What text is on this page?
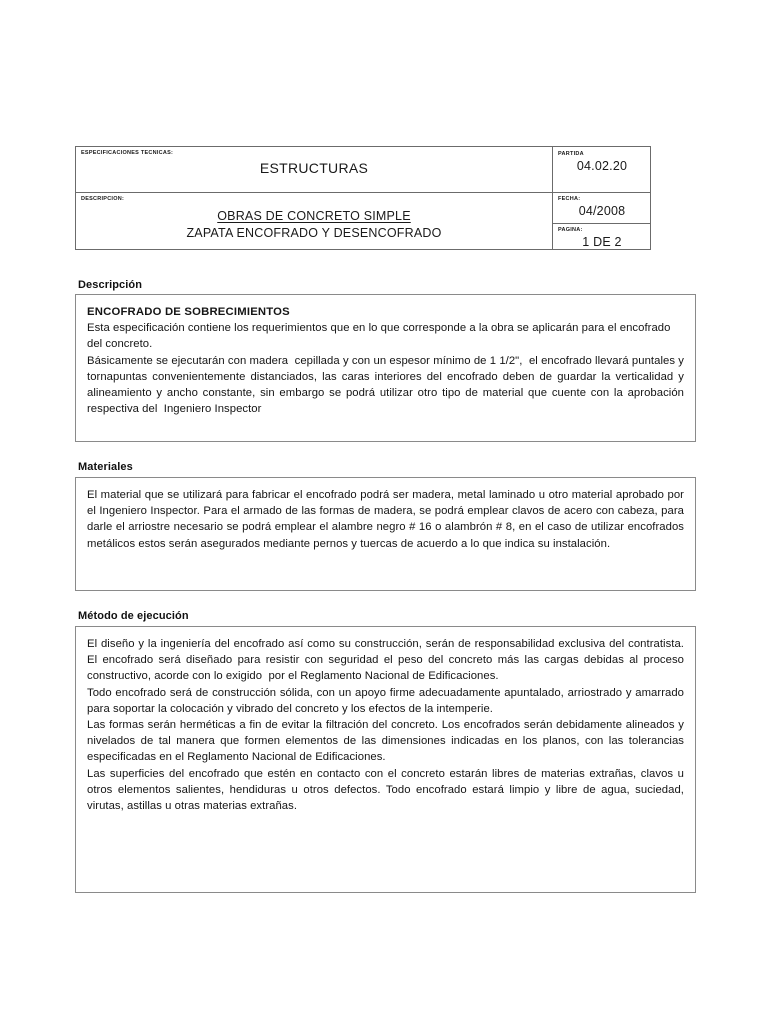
ESPECIFICACIONES TECNICAS:
ESTRUCTURAS
PARTIDA
04.02.20
DESCRIPCION:
OBRAS DE CONCRETO SIMPLE
ZAPATA ENCOFRADO Y DESENCOFRADO
FECHA:
04/2008
PAGINA:
1 DE 2
Descripción
ENCOFRADO DE SOBRECIMIENTOS
Esta especificación contiene los requerimientos que en lo que corresponde a la obra se aplicarán para el encofrado del concreto.
Básicamente se ejecutarán con madera  cepillada y con un espesor mínimo de 1 1/2",  el encofrado llevará puntales y tornapuntas convenientemente distanciados, las caras interiores del encofrado deben de guardar la verticalidad y alineamiento y ancho constante, sin embargo se podrá utilizar otro tipo de material que cuente con la aprobación respectiva del  Ingeniero Inspector
Materiales
El material que se utilizará para fabricar el encofrado podrá ser madera, metal laminado u otro material aprobado por el Ingeniero Inspector. Para el armado de las formas de madera, se podrá emplear clavos de acero con cabeza, para darle el arriostre necesario se podrá emplear el alambre negro # 16 o alambrón # 8, en el caso de utilizar encofrados metálicos estos serán asegurados mediante pernos y tuercas de acuerdo a lo que indica su instalación.
Método de ejecución
El diseño y la ingeniería del encofrado así como su construcción, serán de responsabilidad exclusiva del contratista. El encofrado será diseñado para resistir con seguridad el peso del concreto más las cargas debidas al proceso constructivo, acorde con lo exigido  por el Reglamento Nacional de Edificaciones.
Todo encofrado será de construcción sólida, con un apoyo firme adecuadamente apuntalado, arriostrado y amarrado para soportar la colocación y vibrado del concreto y los efectos de la intemperie.
Las formas serán herméticas a fin de evitar la filtración del concreto. Los encofrados serán debidamente alineados y nivelados de tal manera que formen elementos de las dimensiones indicadas en los planos, con las tolerancias especificadas en el Reglamento Nacional de Edificaciones.
Las superficies del encofrado que estén en contacto con el concreto estarán libres de materias extrañas, clavos u otros elementos salientes, hendiduras u otros defectos. Todo encofrado estará limpio y libre de agua, suciedad, virutas, astillas u otras materias extrañas.
